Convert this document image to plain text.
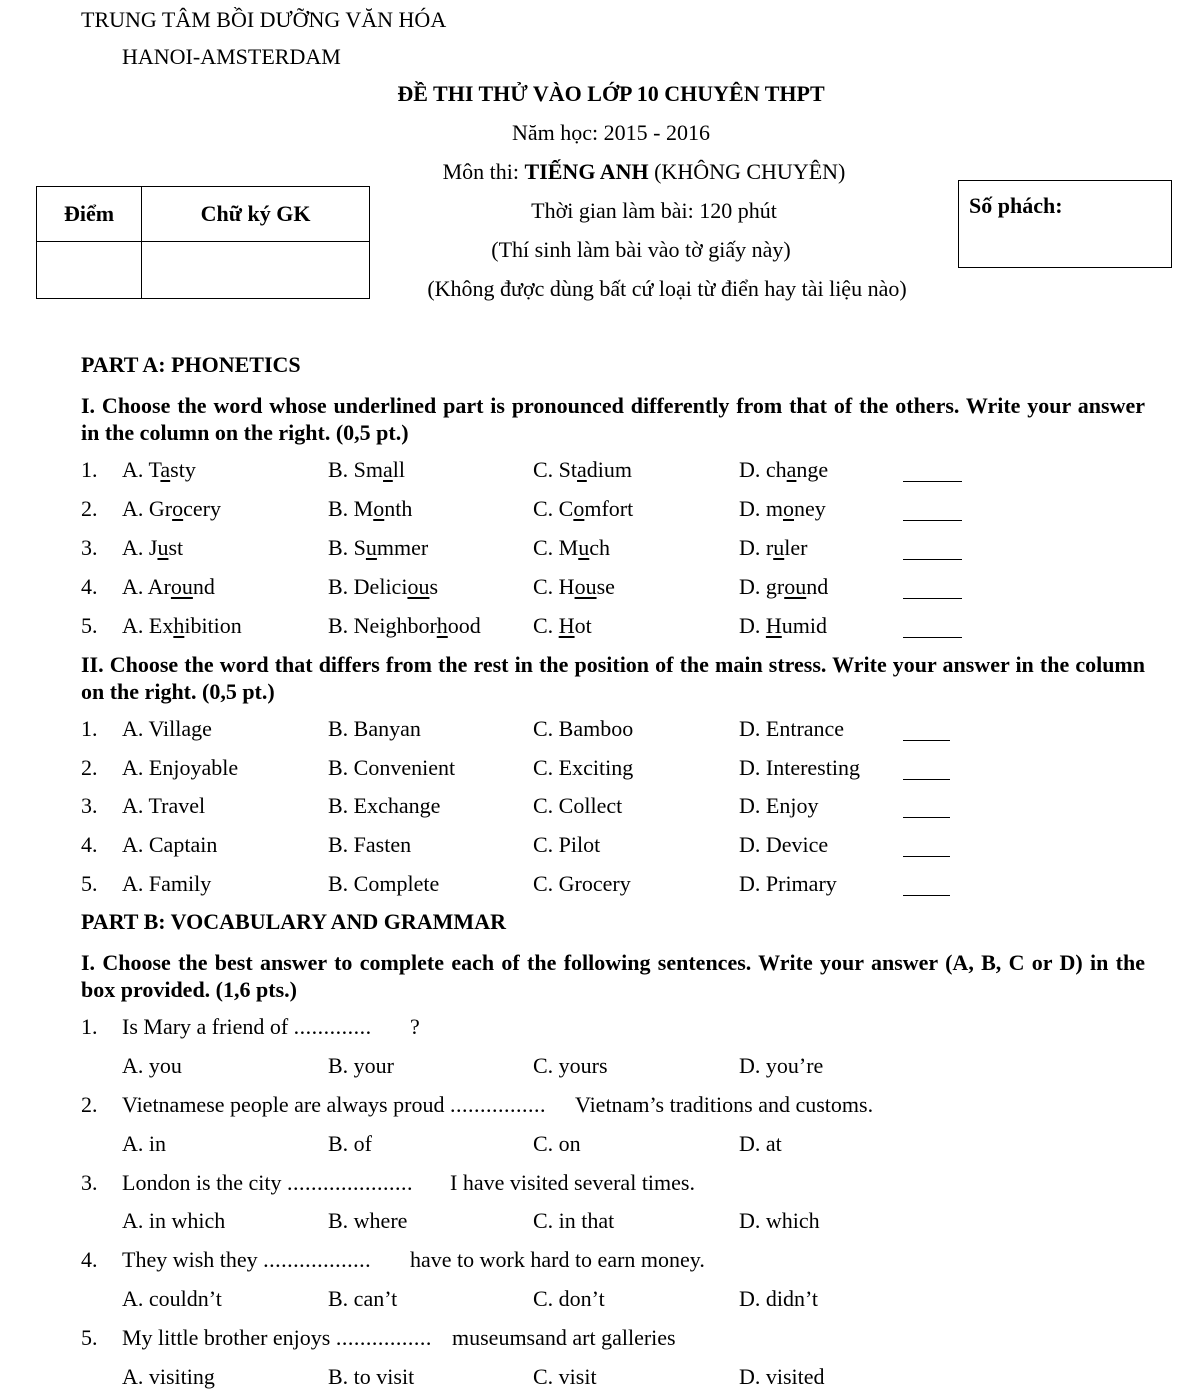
TRUNG TÂM BỒI DƯỠNG VĂN HÓA
HANOI-AMSTERDAM
ĐỀ THI THỬ VÀO LỚP 10 CHUYÊN THPT
Năm học: 2015 - 2016
Môn thi: TIẾNG ANH (KHÔNG CHUYÊN)
Thời gian làm bài: 120 phút
(Thí sinh làm bài vào tờ giấy này)
(Không được dùng bất cứ loại từ điển hay tài liệu nào)
Điểm	Chữ ký GK
		Số phách:
PART A: PHONETICS
I. Choose the word whose underlined part is pronounced differently from that of the others. Write your answer in the column on the right. (0,5 pt.)
1. A. Tasty	B. Small	C. Stadium	D. change
2. A. Grocery	B. Month	C. Comfort	D. money
3. A. Just	B. Summer	C. Much	D. ruler
4. A. Around	B. Delicious	C. House	D. ground
5. A. Exhibition	B. Neighborhood C. Hot	D. Humid
II. Choose the word that differs from the rest in the position of the main stress. Write your answer in the column on the right. (0,5 pt.)
1. A. Village	B. Banyan	C. Bamboo	D. Entrance
2. A. Enjoyable	B. Convenient	C. Exciting	D. Interesting
3. A. Travel	B. Exchange	C. Collect	D. Enjoy
4. A. Captain	B. Fasten	C. Pilot	D. Device
5. A. Family	B. Complete	C. Grocery	D. Primary
PART B: VOCABULARY AND GRAMMAR
I. Choose the best answer to complete each of the following sentences. Write your answer (A, B, C or D) in the box provided. (1,6 pts.)
1. Is Mary a friend of ............. ?
A. you	B. your	C. yours	D. you’re
2. Vietnamese people are always proud ................ Vietnam’s traditions and customs.
A. in	B. of	C. on	D. at
3. London is the city ..................... I have visited several times.
A. in which	B. where	C. in that	D. which
4. They wish they .................. have to work hard to earn money.
A. couldn’t	B. can’t	C. don’t	D. didn’t
5. My little brother enjoys ................ museumsand art galleries
A. visiting	B. to visit	C. visit	D. visited
